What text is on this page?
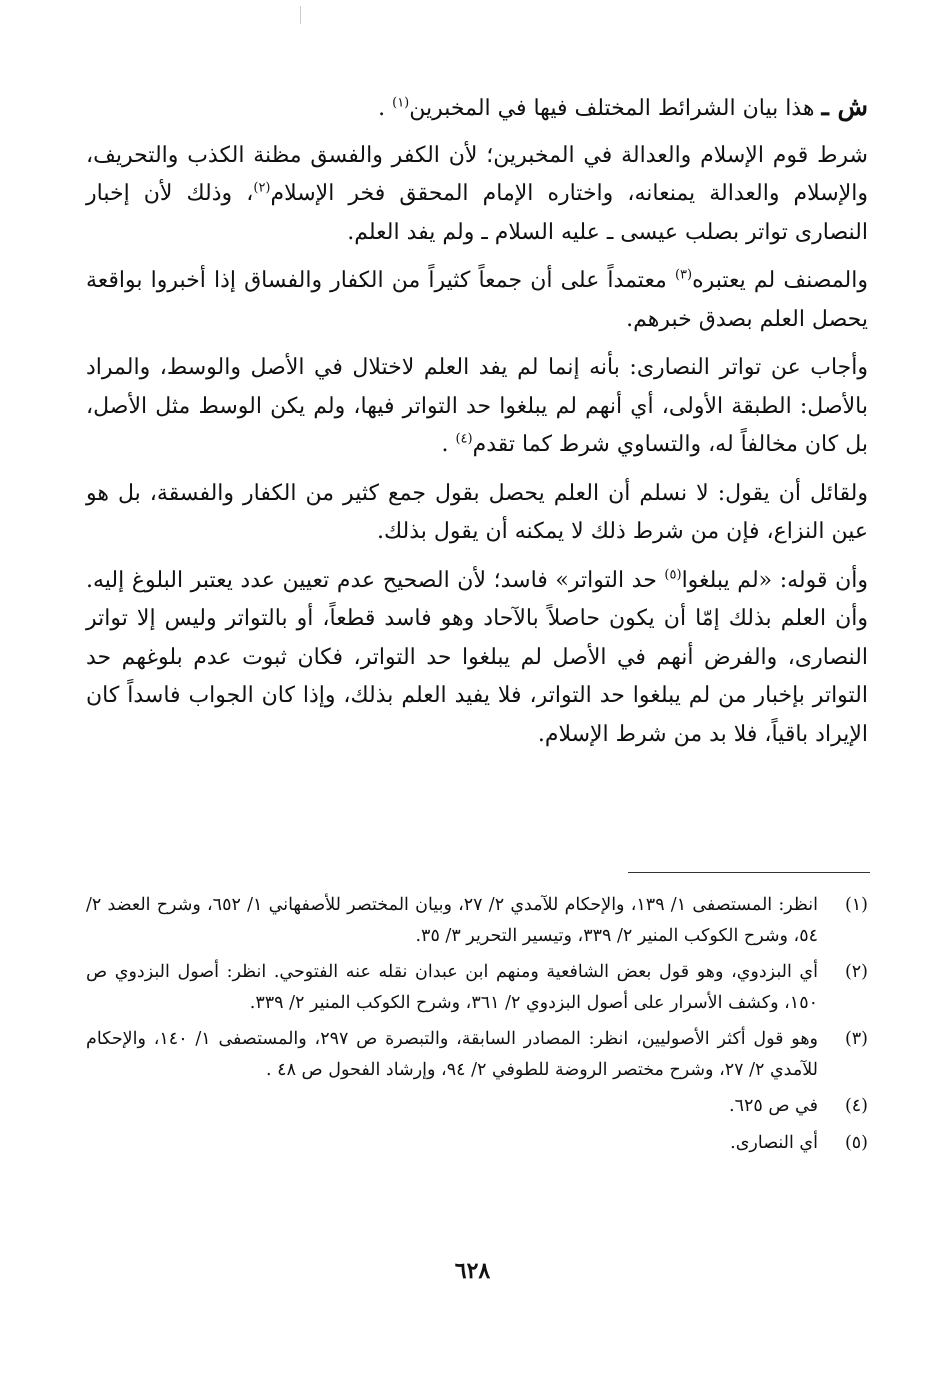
ش ـ هذا بيان الشرائط المختلف فيها في المخبرين$^{(١)}$ .

شرط قوم الإسلام والعدالة في المخبرين؛ لأن الكفر والفسق مظنة الكذب والتحريف، والإسلام والعدالة يمنعانه، واختاره الإمام المحقق فخر الإسلام$^{(٢)}$، وذلك لأن إخبار النصارى تواتر بصلب عيسى ـ عليه السلام ـ ولم يفد العلم.

والمصنف لم يعتبره$^{(٣)}$ معتمداً على أن جمعاً كثيراً من الكفار والفساق إذا أخبروا بواقعة يحصل العلم بصدق خبرهم.

وأجاب عن تواتر النصارى: بأنه إنما لم يفد العلم لاختلال في الأصل والوسط، والمراد بالأصل: الطبقة الأولى، أي أنهم لم يبلغوا حد التواتر فيها، ولم يكن الوسط مثل الأصل، بل كان مخالفاً له، والتساوي شرط كما تقدم$^{(٤)}$ .

ولقائل أن يقول: لا نسلم أن العلم يحصل بقول جمع كثير من الكفار والفسقة، بل هو عين النزاع، فإن من شرط ذلك لا يمكنه أن يقول بذلك.

وأن قوله: «لم يبلغوا$^{(٥)}$ حد التواتر» فاسد؛ لأن الصحيح عدم تعيين عدد يعتبر البلوغ إليه. وأن العلم بذلك إمّا أن يكون حاصلاً بالآحاد وهو فاسد قطعاً، أو بالتواتر وليس إلا تواتر النصارى، والفرض أنهم في الأصل لم يبلغوا حد التواتر، فكان ثبوت عدم بلوغهم حد التواتر بإخبار من لم يبلغوا حد التواتر، فلا يفيد العلم بذلك، وإذا كان الجواب فاسداً كان الإيراد باقياً، فلا بد من شرط الإسلام.

(١)
انظر: المستصفى ١/ ١٣٩، والإحكام للآمدي ٢/ ٢٧، وبيان المختصر للأصفهاني ١/ ٦٥٢، وشرح العضد ٢/ ٥٤، وشرح الكوكب المنير ٢/ ٣٣٩، وتيسير التحرير ٣/ ٣٥.
(٢)
أي البزدوي، وهو قول بعض الشافعية ومنهم ابن عبدان نقله عنه الفتوحي. انظر: أصول البزدوي ص ١٥٠، وكشف الأسرار على أصول البزدوي ٢/ ٣٦١، وشرح الكوكب المنير ٢/ ٣٣٩.
(٣)
وهو قول أكثر الأصوليين، انظر: المصادر السابقة، والتبصرة ص ٢٩٧، والمستصفى ١/ ١٤٠، والإحكام للآمدي ٢/ ٢٧، وشرح مختصر الروضة للطوفي ٢/ ٩٤، وإرشاد الفحول ص ٤٨ .
(٤)
في ص ٦٢٥.
(٥)
أي النصارى.
٦٢٨
